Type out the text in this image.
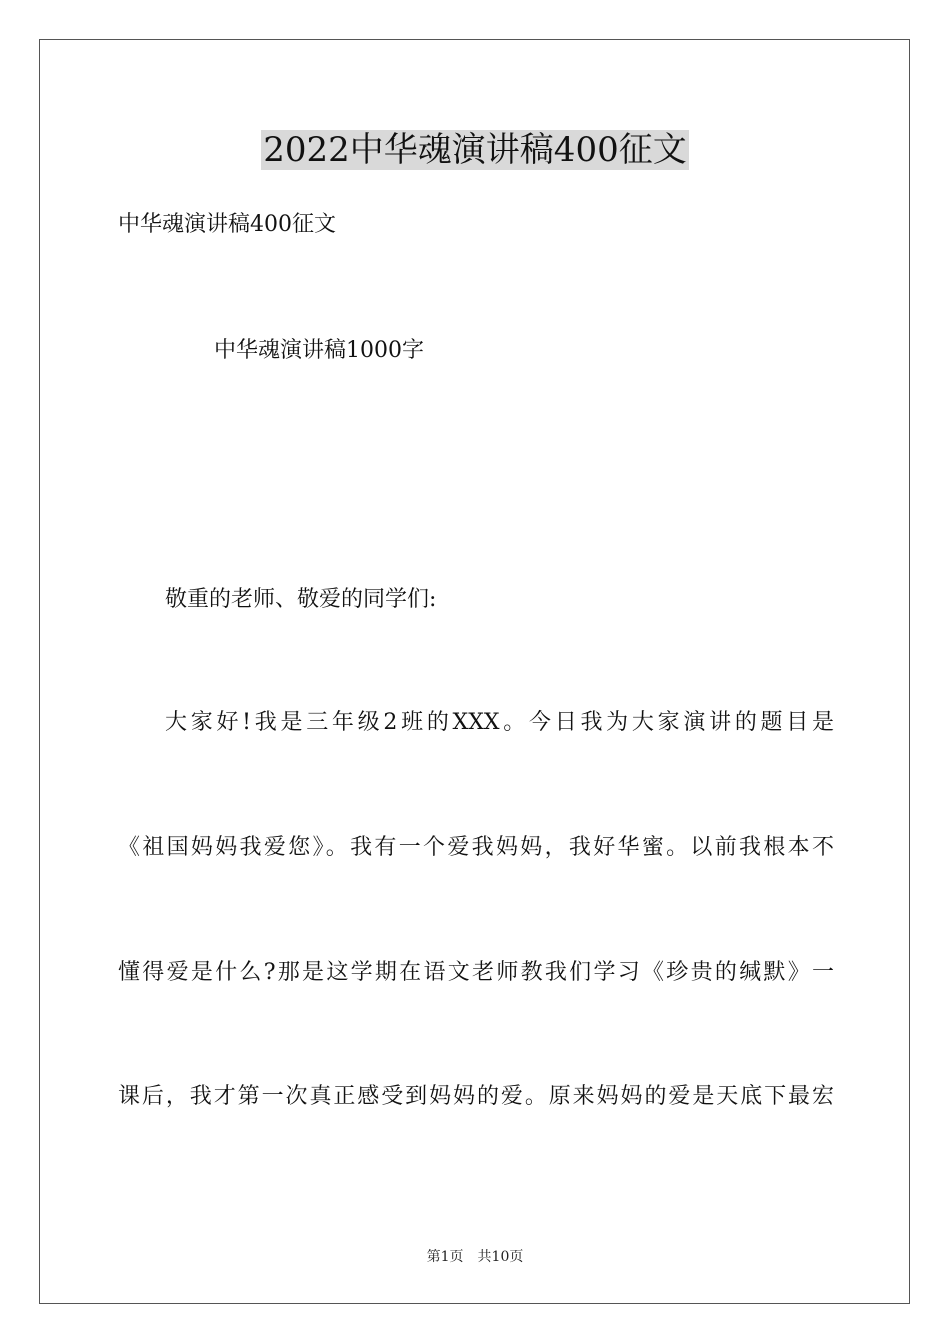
2022中华魂演讲稿400征文

中华魂演讲稿400征文

中华魂演讲稿1000字

敬重的老师、敬爱的同学们:

大家好!我是三年级2班的XXX。今日我为大家演讲的题目是

《祖国妈妈我爱您》。我有一个爱我妈妈，我好华蜜。以前我根本不

懂得爱是什么?那是这学期在语文老师教我们学习《珍贵的缄默》一

课后，我才第一次真正感受到妈妈的爱。原来妈妈的爱是天底下最宏

第1页 共10页
